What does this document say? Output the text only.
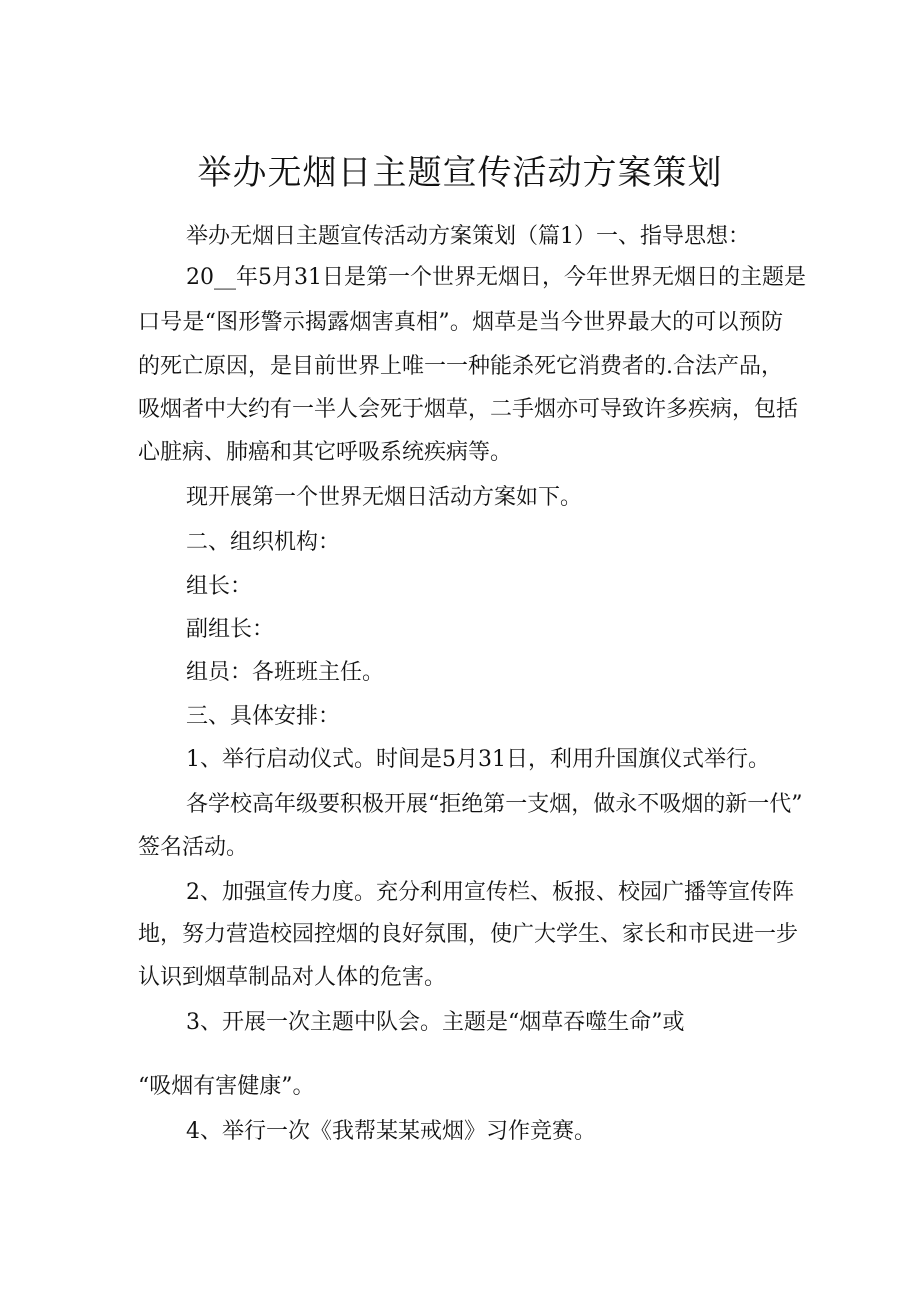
举办无烟日主题宣传活动方案策划
举办无烟日主题宣传活动方案策划（篇1）一、指导思想：
20__年5月31日是第一个世界无烟日，今年世界无烟日的主题是
口号是“图形警示揭露烟害真相”。烟草是当今世界最大的可以预防
的死亡原因，是目前世界上唯一一种能杀死它消费者的.合法产品，
吸烟者中大约有一半人会死于烟草，二手烟亦可导致许多疾病，包括
心脏病、肺癌和其它呼吸系统疾病等。
现开展第一个世界无烟日活动方案如下。
二、组织机构：
组长：
副组长：
组员：各班班主任。
三、具体安排：
1、举行启动仪式。时间是5月31日，利用升国旗仪式举行。
各学校高年级要积极开展“拒绝第一支烟，做永不吸烟的新一代”
签名活动。
2、加强宣传力度。充分利用宣传栏、板报、校园广播等宣传阵
地，努力营造校园控烟的良好氛围，使广大学生、家长和市民进一步
认识到烟草制品对人体的危害。
3、开展一次主题中队会。主题是“烟草吞噬生命”或
“吸烟有害健康”。
4、举行一次《我帮某某戒烟》习作竞赛。
